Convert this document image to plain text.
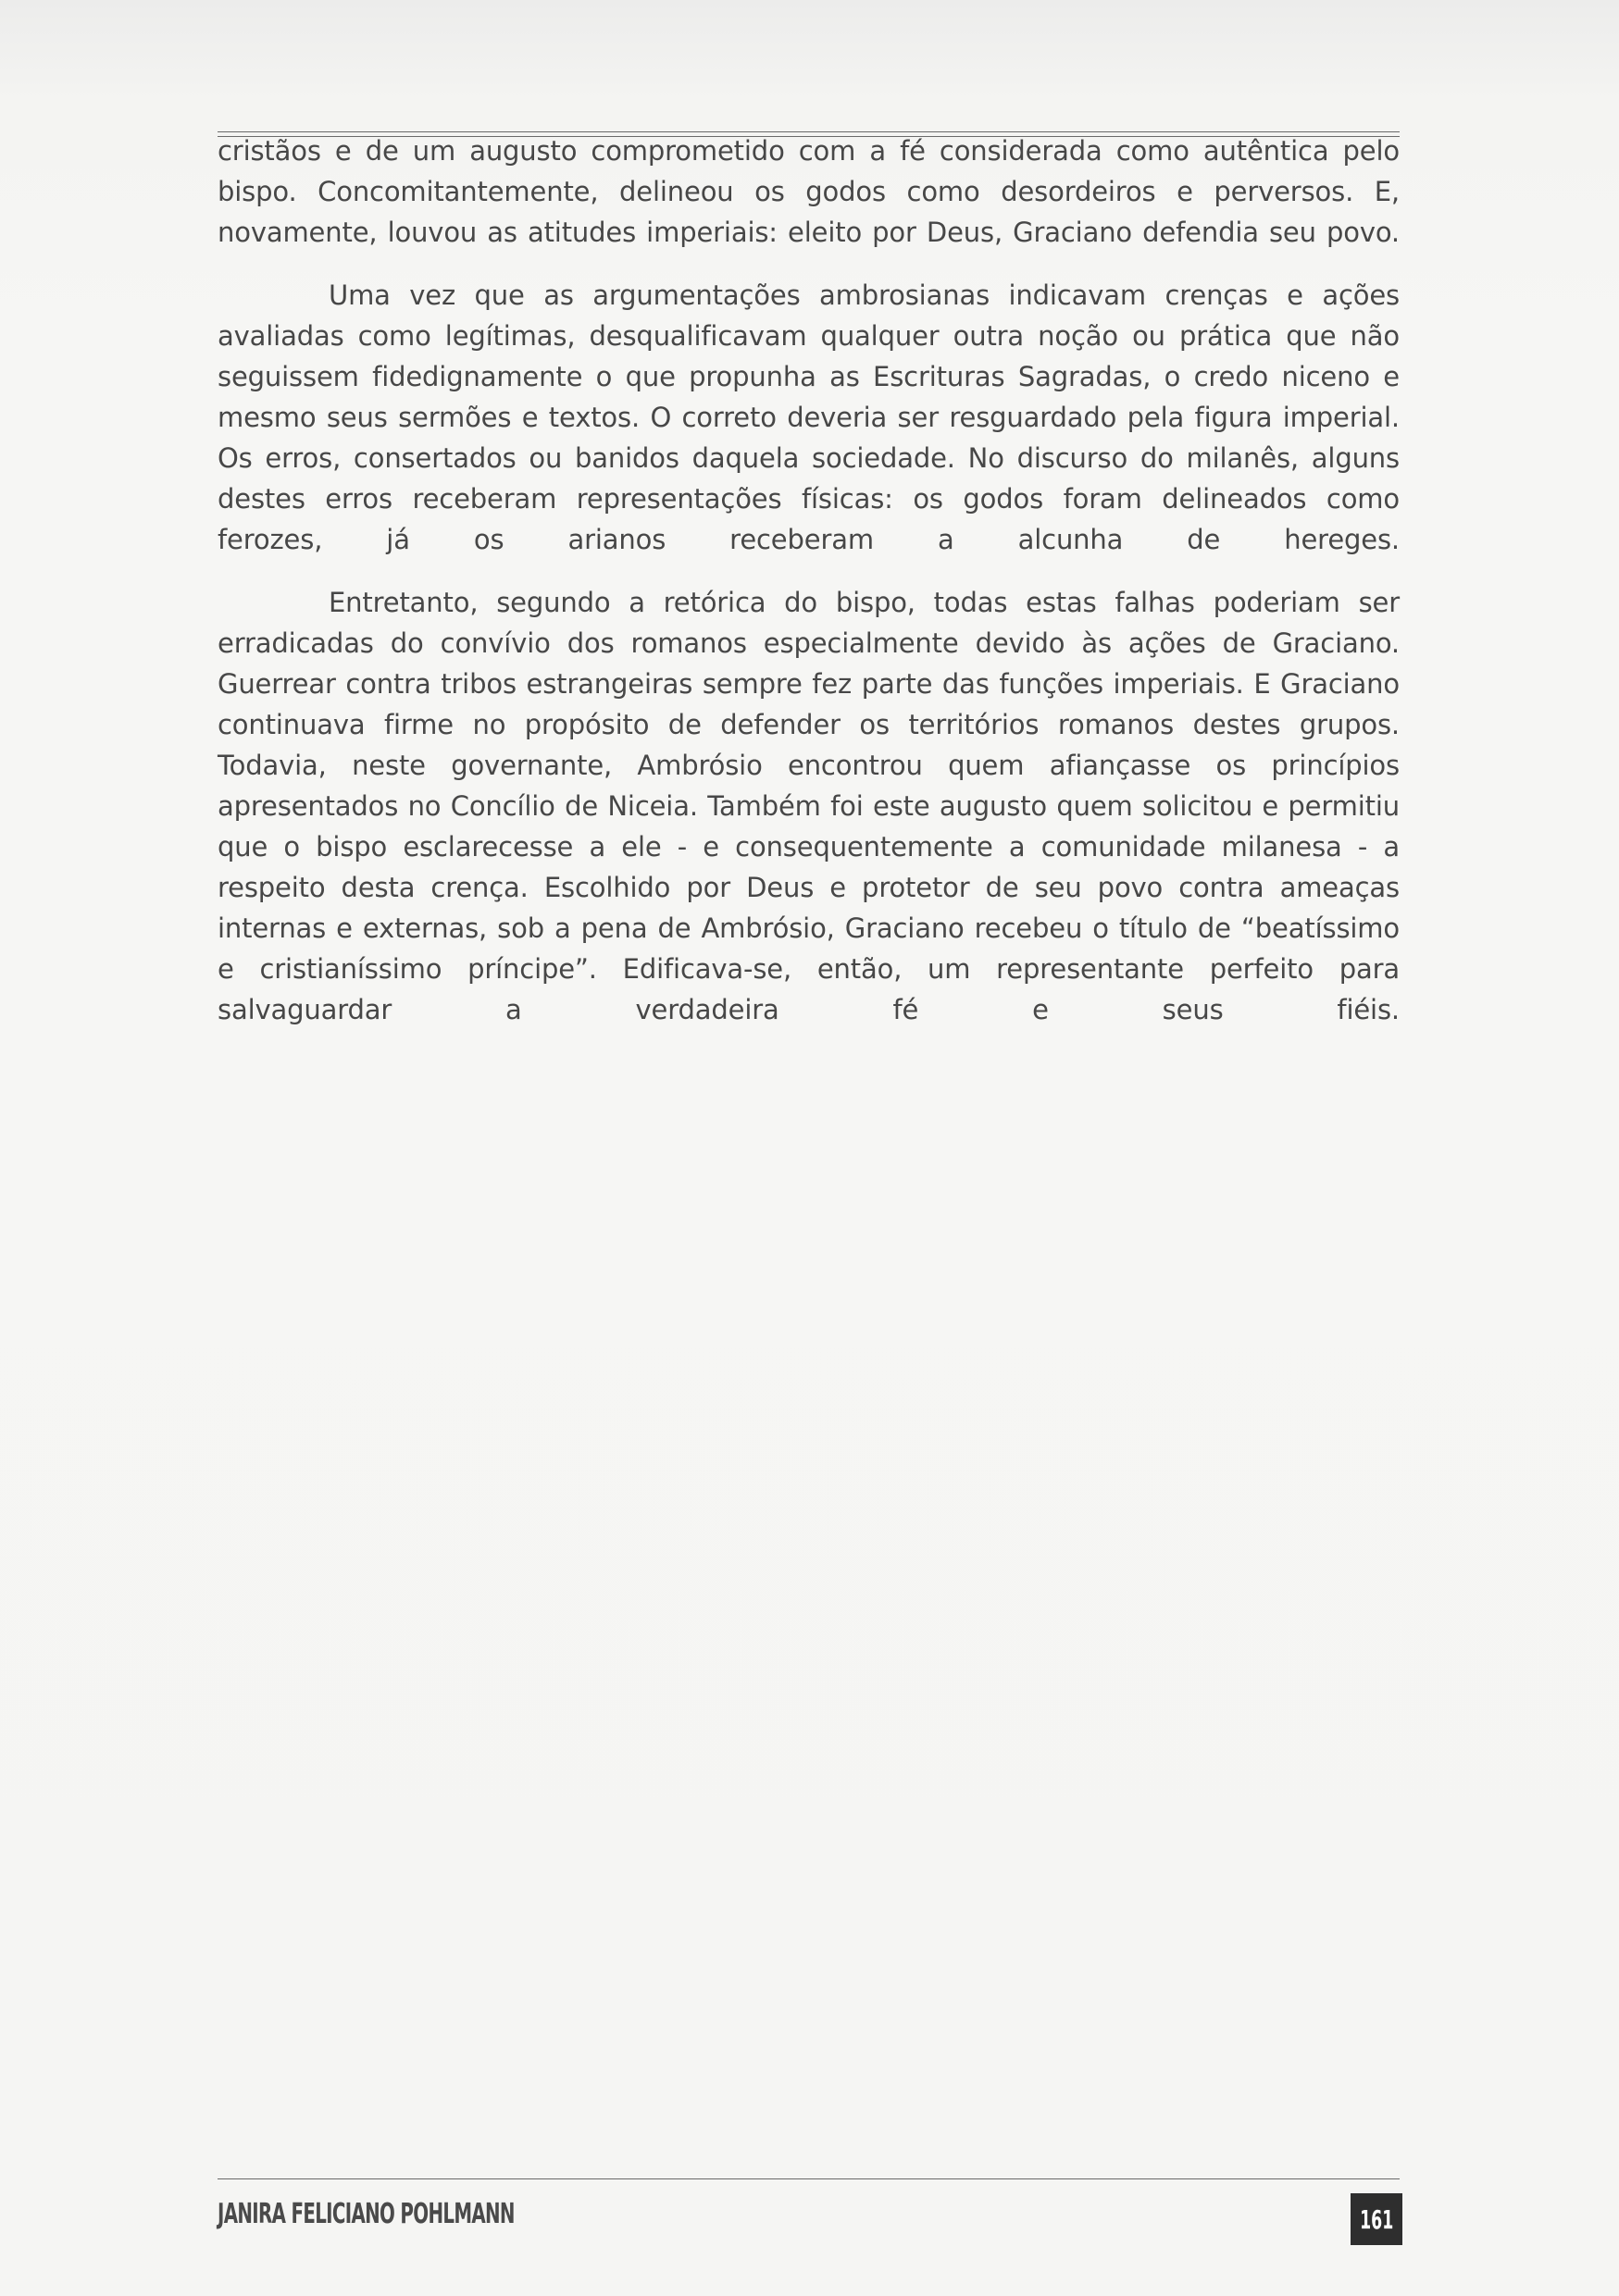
cristãos e de um augusto comprometido com a fé considerada como autêntica pelo bispo. Concomitantemente, delineou os godos como desordeiros e perversos. E, novamente, louvou as atitudes imperiais: eleito por Deus, Graciano defendia seu povo.

Uma vez que as argumentações ambrosianas indicavam crenças e ações avaliadas como legítimas, desqualificavam qualquer outra noção ou prática que não seguissem fidedignamente o que propunha as Escrituras Sagradas, o credo niceno e mesmo seus sermões e textos. O correto deveria ser resguardado pela figura imperial. Os erros, consertados ou banidos daquela sociedade. No discurso do milanês, alguns destes erros receberam representações físicas: os godos foram delineados como ferozes, já os arianos receberam a alcunha de hereges.

Entretanto, segundo a retórica do bispo, todas estas falhas poderiam ser erradicadas do convívio dos romanos especialmente devido às ações de Graciano. Guerrear contra tribos estrangeiras sempre fez parte das funções imperiais. E Graciano continuava firme no propósito de defender os territórios romanos destes grupos. Todavia, neste governante, Ambrósio encontrou quem afiançasse os princípios apresentados no Concílio de Niceia. Também foi este augusto quem solicitou e permitiu que o bispo esclarecesse a ele - e consequentemente a comunidade milanesa - a respeito desta crença. Escolhido por Deus e protetor de seu povo contra ameaças internas e externas, sob a pena de Ambrósio, Graciano recebeu o título de “beatíssimo e cristianíssimo príncipe”. Edificava-se, então, um representante perfeito para salvaguardar a verdadeira fé e seus fiéis.

JANIRA FELICIANO POHLMANN	161
